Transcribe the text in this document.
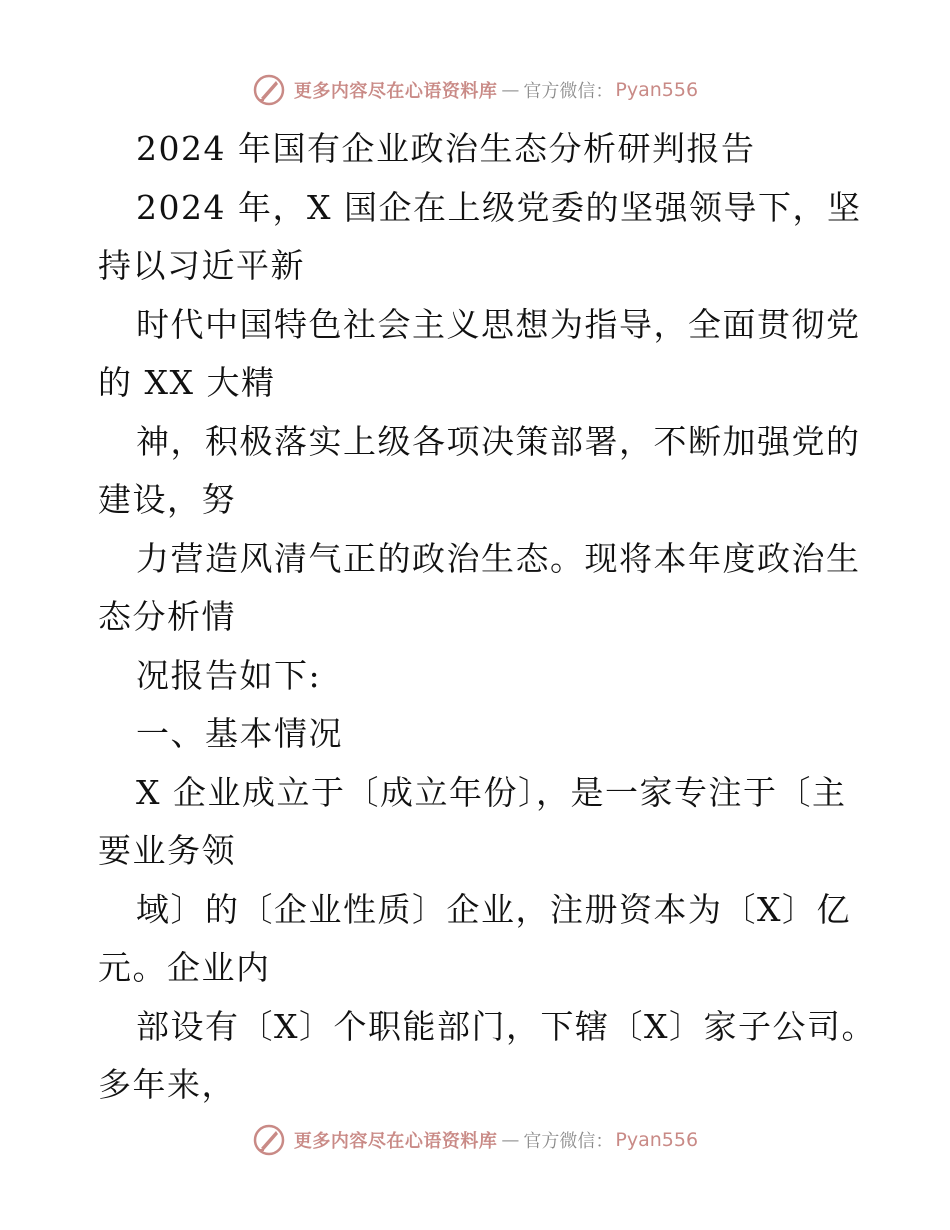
更多内容尽在心语资料库 — 官方微信： Pyan556
2024 年国有企业政治生态分析研判报告
2024 年，X 国企在上级党委的坚强领导下，坚
持以习近平新
时代中国特色社会主义思想为指导，全面贯彻党
的 XX 大精
神，积极落实上级各项决策部署，不断加强党的
建设，努
力营造风清气正的政治生态。现将本年度政治生
态分析情
况报告如下:
一、基本情况
X 企业成立于〔成立年份〕，是一家专注于〔主
要业务领
域〕的〔企业性质〕企业，注册资本为〔X〕亿
元。企业内
部设有〔X〕个职能部门，下辖〔X〕家子公司。
多年来，
更多内容尽在心语资料库 — 官方微信： Pyan556
